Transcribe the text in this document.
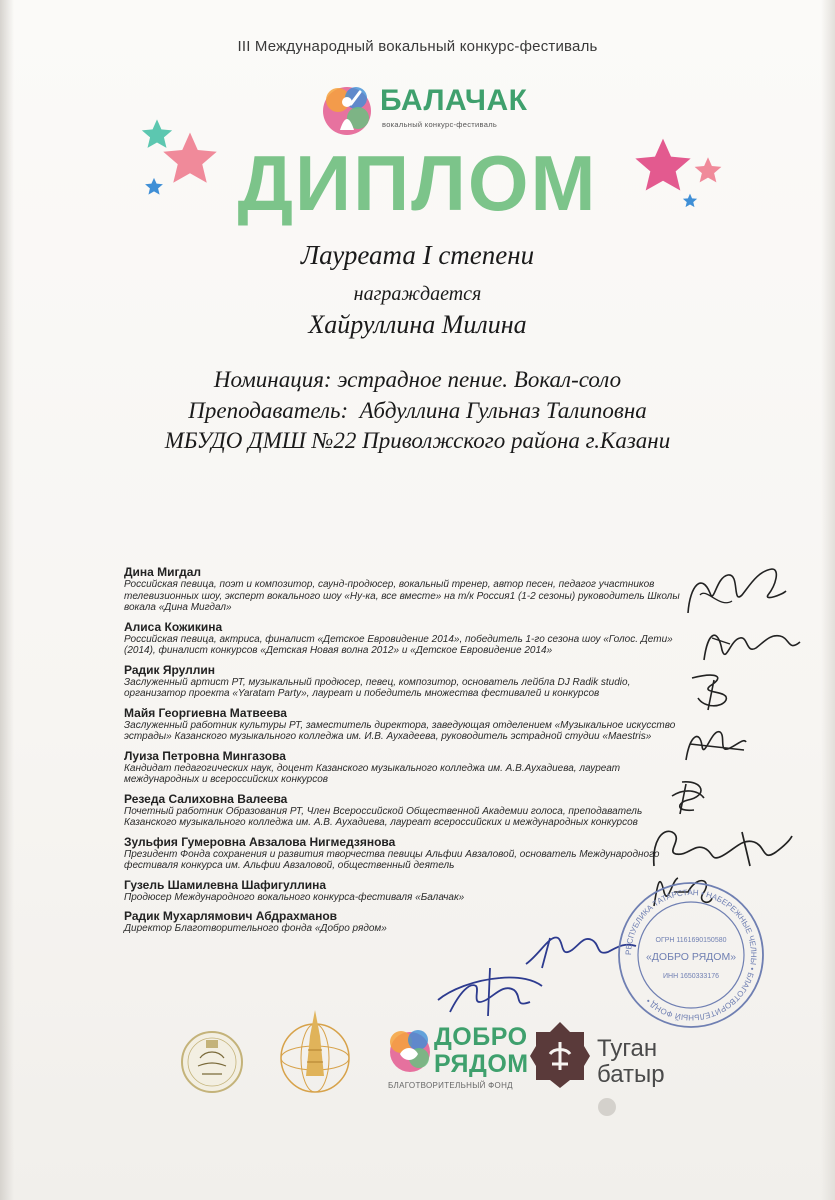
III Международный вокальный конкурс-фестиваль
БАЛАЧАК
вокальный конкурс-фестиваль
ДИПЛОМ
Лауреата I степени
награждается
Хайруллина Милина
Номинация: эстрадное пение. Вокал-соло
Преподаватель:  Абдуллина Гульназ Талиповна
МБУДО ДМШ №22 Приволжского района г.Казани
Дина Мигдал
Российская певица, поэт и композитор, саунд-продюсер, вокальный тренер, автор песен, педагог участников телевизионных шоу, эксперт вокального шоу «Ну-ка, все вместе» на т/к Россия1 (1-2 сезоны) руководитель Школы вокала «Дина Мигдал»
Алиса Кожикина
Российская певица, актриса, финалист «Детское Евровидение 2014», победитель 1-го сезона шоу «Голос. Дети» (2014), финалист конкурсов «Детская Новая волна 2012» и «Детское Евровидение 2014»
Радик Яруллин
Заслуженный артист РТ, музыкальный продюсер, певец, композитор, основатель лейбла DJ Radik studio, организатор проекта «Yaratam Party», лауреат и победитель множества фестивалей и конкурсов
Майя Георгиевна Матвеева
Заслуженный работник культуры РТ, заместитель директора, заведующая отделением «Музыкальное искусство эстрады» Казанского музыкального колледжа им. И.В. Аухадеева, руководитель эстрадной студии «Maestris»
Луиза Петровна Мингазова
Кандидат педагогических наук, доцент Казанского музыкального колледжа им. А.В.Аухадиева, лауреат международных и всероссийских конкурсов
Резеда Салиховна Валеева
Почетный работник Образования РТ, Член Всероссийской Общественной Академии голоса, преподаватель Казанского музыкального колледжа им. А.В. Аухадиева, лауреат всероссийских и международных конкурсов
Зульфия Гумеровна Авзалова Нигмедзянова
Президент Фонда сохранения и развития творчества певицы Альфии Авзаловой, основатель Международного фестиваля конкурса им. Альфии Авзаловой, общественный деятель
Гузель Шамилевна Шафигуллина
Продюсер Международного вокального конкурса-фестиваля «Балачак»
Радик Мухарлямович Абдрахманов
Директор Благотворительного фонда «Добро рядом»
РЕСПУБЛИКА ТАТАРСТАН • НАБЕРЕЖНЫЕ ЧЕЛНЫ • БЛАГОТВОРИТЕЛЬНЫЙ ФОНД •
ОГРН 1161690150580
«ДОБРО РЯДОМ»
ИНН 1650333176
ДОБРО
РЯДОМ
БЛАГОТВОРИТЕЛЬНЫЙ ФОНД
Туган
батыр
